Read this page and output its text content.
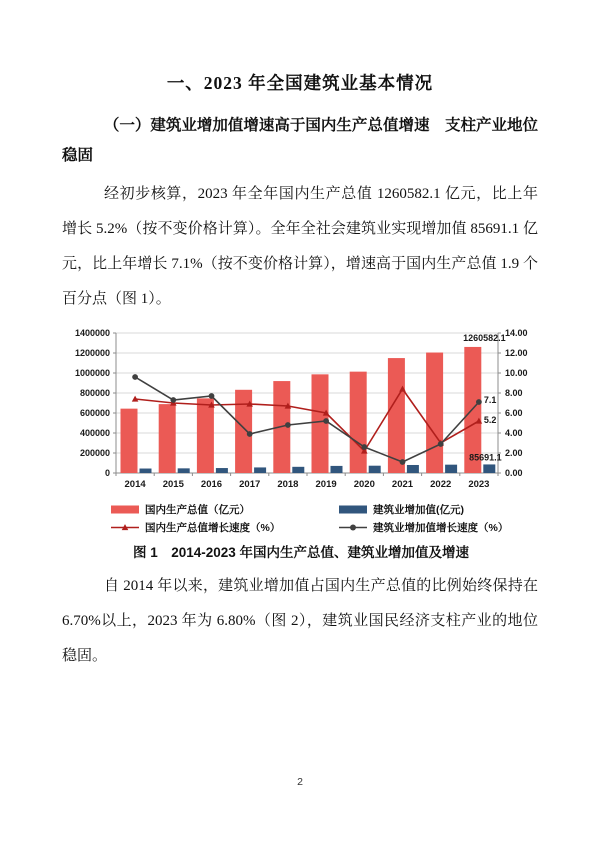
一、2023 年全国建筑业基本情况
（一）建筑业增加值增速高于国内生产总值增速　支柱产业地位稳固
经初步核算，2023 年全年国内生产总值 1260582.1 亿元，比上年增长 5.2%（按不变价格计算）。全年全社会建筑业实现增加值 85691.1 亿元，比上年增长 7.1%（按不变价格计算），增速高于国内生产总值 1.9 个百分点（图 1）。
0
200000
400000
600000
800000
1000000
1200000
1400000
0.00
2.00
4.00
6.00
8.00
10.00
12.00
14.00
2014 2015 2016 2017 2018 2019 2020 2021 2022 2023
1260582.1
85691.1
7.1
5.2
国内生产总值（亿元）	建筑业增加值(亿元)
国内生产总值增长速度（%）	建筑业增加值增长速度（%）
图 1　2014-2023 年国内生产总值、建筑业增加值及增速
自 2014 年以来，建筑业增加值占国内生产总值的比例始终保持在 6.70%以上，2023 年为 6.80%（图 2），建筑业国民经济支柱产业的地位稳固。
2
